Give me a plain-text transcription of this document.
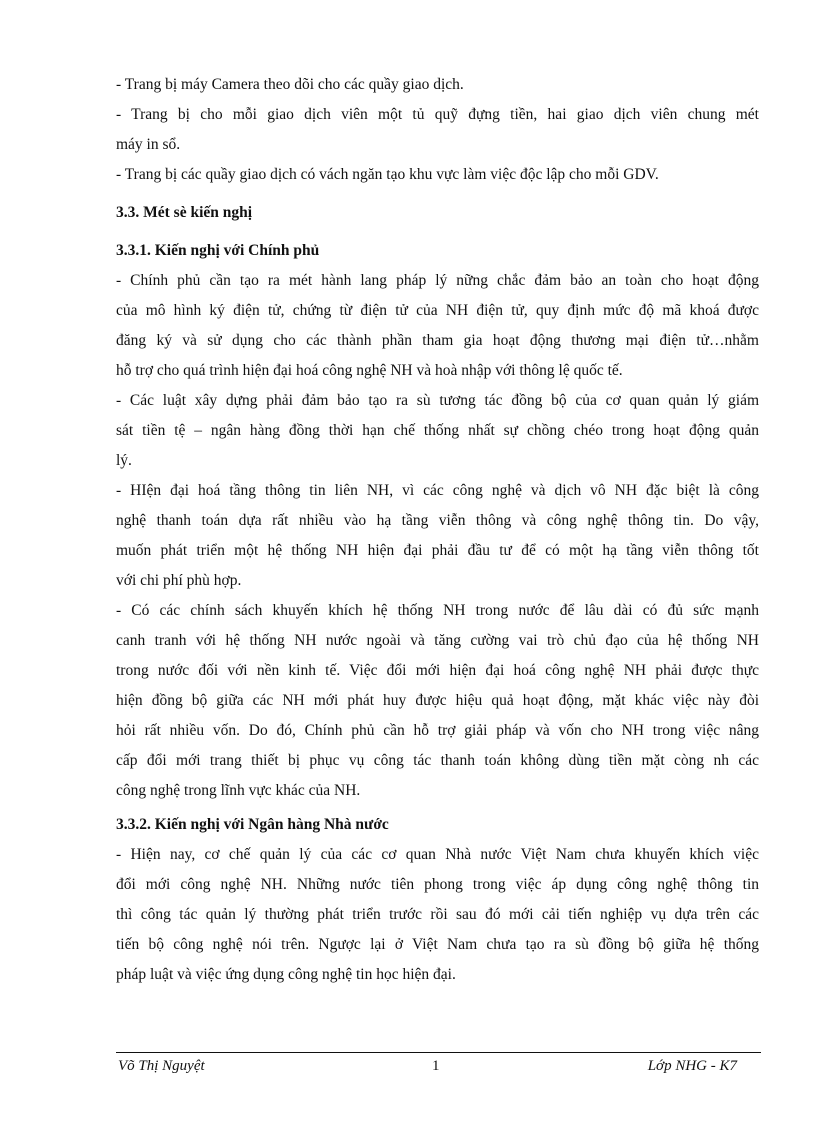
- Trang bị máy Camera theo dõi cho các quầy giao dịch.
- Trang bị cho mỗi giao dịch viên một tủ quỹ đựng tiền, hai giao dịch viên chung mét
máy in sổ.
- Trang bị các quầy giao dịch có vách ngăn tạo khu vực làm việc độc lập cho mỗi GDV.
3.3. Mét sè kiến nghị
3.3.1. Kiến nghị với Chính phủ
- Chính phủ cần tạo ra mét hành lang pháp lý nững chắc đảm bảo an toàn cho hoạt động
của mô hình ký điện tử, chứng từ điện tử của NH điện tử, quy định mức độ mã khoá được
đăng ký và sử dụng cho các thành phần tham gia hoạt động thương mại điện tử…nhằm
hỗ trợ cho quá trình hiện đại hoá công nghệ NH và hoà nhập với thông lệ quốc tế.
- Các luật xây dựng phải đảm bảo tạo ra sù tương tác đồng bộ của cơ quan quản lý giám
sát tiền tệ – ngân hàng đồng thời hạn chế thống nhất sự chồng chéo trong hoạt động quản
lý.
- HIện đại hoá tầng thông tin liên NH, vì các công nghệ và dịch vô NH đặc biệt là công
nghệ thanh toán dựa rất nhiều vào hạ tầng viễn thông và công nghệ thông tin. Do vậy,
muốn phát triển một hệ thống NH hiện đại phải đầu tư để có một hạ tầng viễn thông tốt
với chi phí phù hợp.
- Có các chính sách khuyến khích hệ thống NH trong nước để lâu dài có đủ sức mạnh
canh tranh với hệ thống NH nước ngoài và tăng cường vai trò chủ đạo của hệ thống NH
trong nước đối với nền kinh tế. Việc đổi mới hiện đại hoá công nghệ NH phải được thực
hiện đồng bộ giữa các NH mới phát huy được hiệu quả hoạt động, mặt khác việc này đòi
hỏi rất nhiều vốn. Do đó, Chính phủ cần hỗ trợ giải pháp và vốn cho NH trong việc nâng
cấp đổi mới trang thiết bị phục vụ công tác thanh toán không dùng tiền mặt còng nh các
công nghệ trong lĩnh vực khác của NH.
3.3.2. Kiến nghị với Ngân hàng Nhà nước
- Hiện nay, cơ chế quản lý của các cơ quan Nhà nước Việt Nam chưa khuyến khích việc
đổi mới công nghệ NH. Những nước tiên phong trong việc áp dụng công nghệ thông tin
thì công tác quản lý thường phát triển trước rồi sau đó mới cải tiến nghiệp vụ dựa trên các
tiến bộ công nghệ nói trên. Ngược lại ở Việt Nam chưa tạo ra sù đồng bộ giữa hệ thống
pháp luật và việc ứng dụng công nghệ tin học hiện đại.
Võ Thị Nguyệt	1	Lớp NHG - K7
